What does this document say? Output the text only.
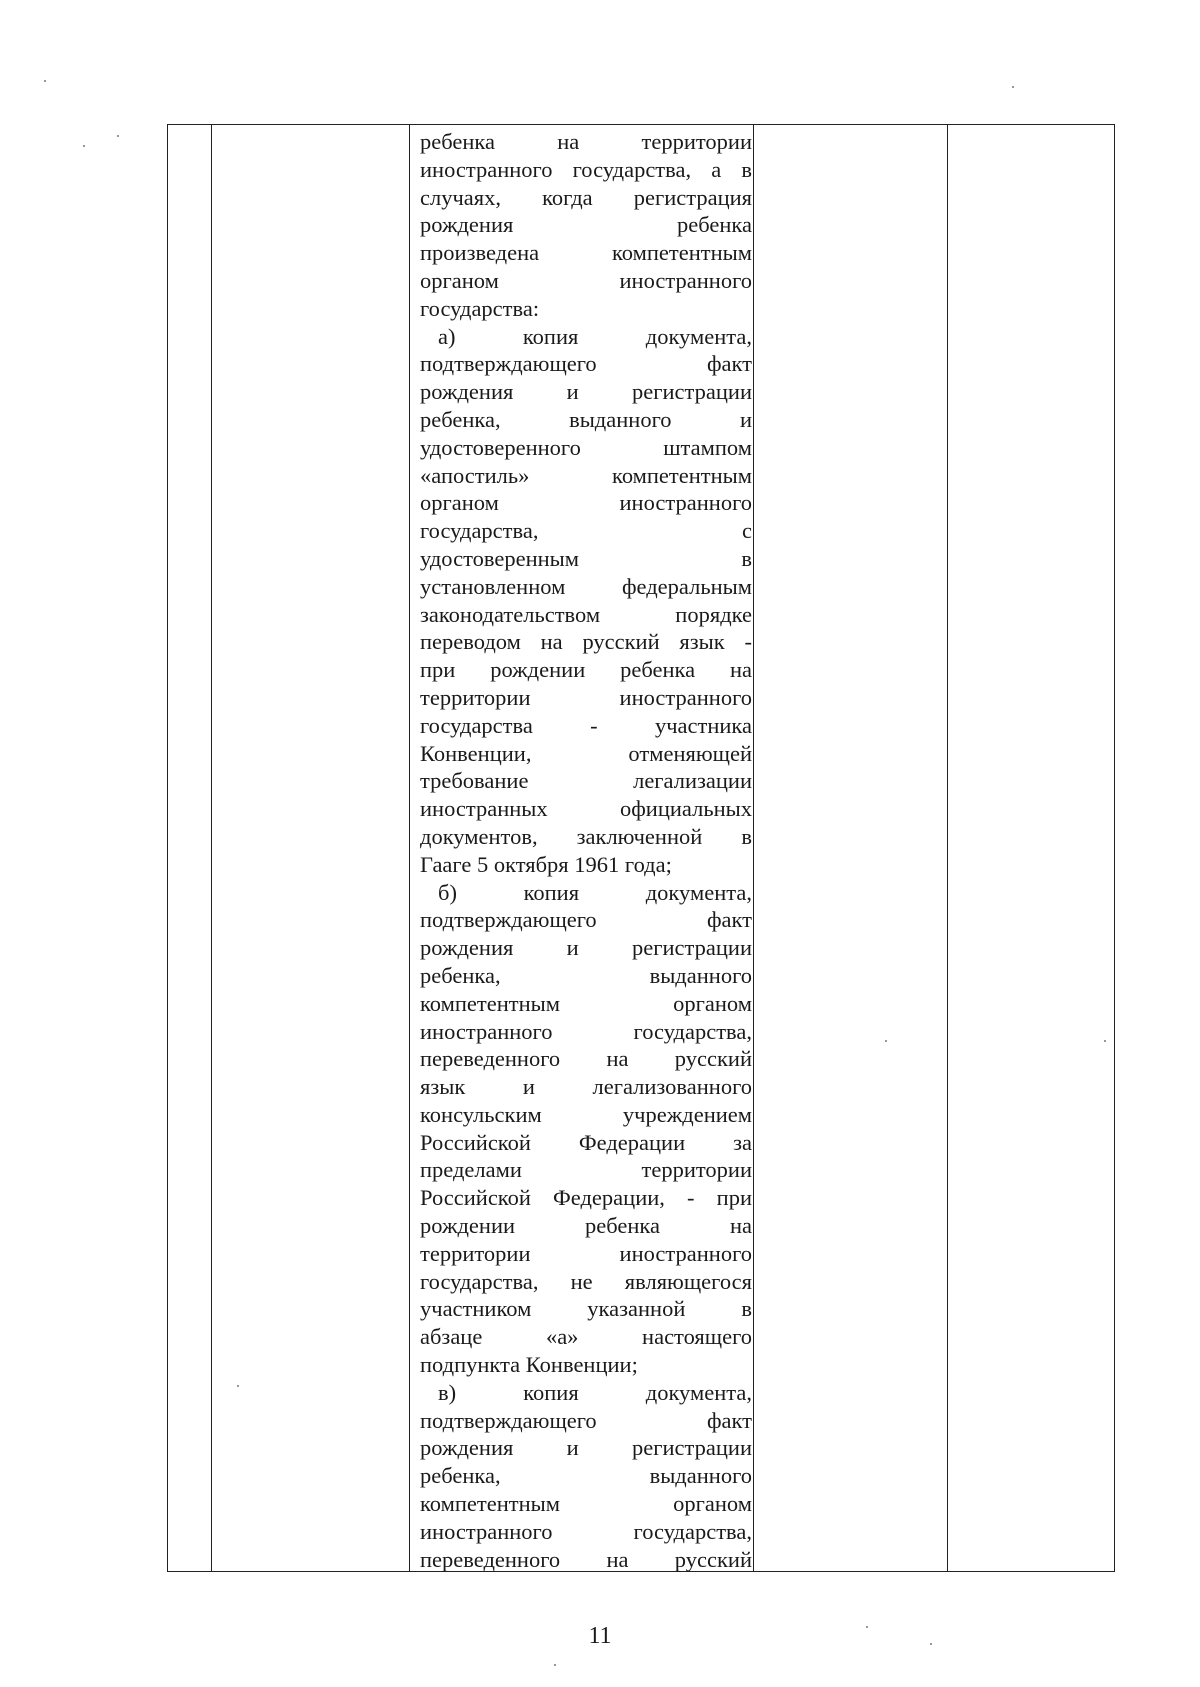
ребенка на территории
иностранного государства, а в
случаях, когда регистрация
рождения ребенка
произведена компетентным
органом иностранного
государства:
а) копия документа,
подтверждающего факт
рождения и регистрации
ребенка, выданного и
удостоверенного штампом
«апостиль» компетентным
органом иностранного
государства, с
удостоверенным в
установленном федеральным
законодательством порядке
переводом на русский язык -
при рождении ребенка на
территории иностранного
государства - участника
Конвенции, отменяющей
требование легализации
иностранных официальных
документов, заключенной в
Гааге 5 октября 1961 года;
б) копия документа,
подтверждающего факт
рождения и регистрации
ребенка, выданного
компетентным органом
иностранного государства,
переведенного на русский
язык и легализованного
консульским учреждением
Российской Федерации за
пределами территории
Российской Федерации, - при
рождении ребенка на
территории иностранного
государства, не являющегося
участником указанной в
абзаце «а» настоящего
подпункта Конвенции;
в) копия документа,
подтверждающего факт
рождения и регистрации
ребенка, выданного
компетентным органом
иностранного государства,
переведенного на русский
11
